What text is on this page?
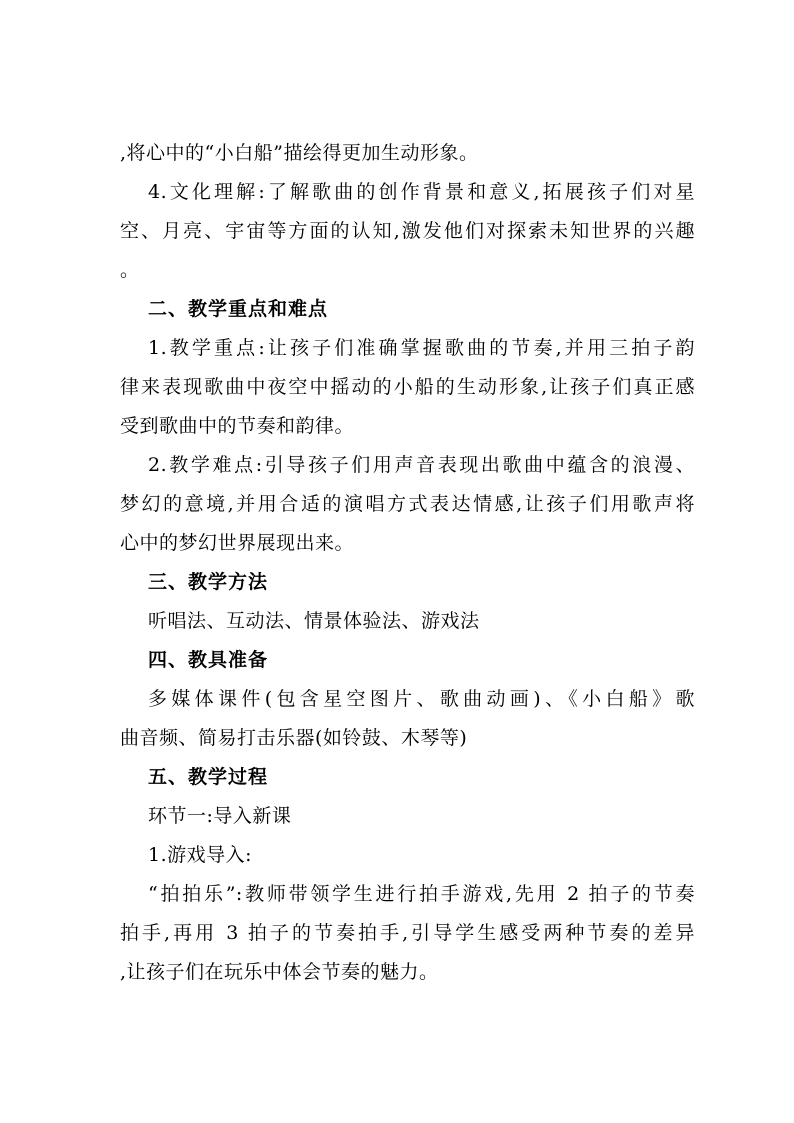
,将心中的“小白船”描绘得更加生动形象。
4.文化理解:了解歌曲的创作背景和意义,拓展孩子们对星
空、月亮、宇宙等方面的认知,激发他们对探索未知世界的兴趣
。
二、教学重点和难点
1.教学重点:让孩子们准确掌握歌曲的节奏,并用三拍子韵
律来表现歌曲中夜空中摇动的小船的生动形象,让孩子们真正感
受到歌曲中的节奏和韵律。
2.教学难点:引导孩子们用声音表现出歌曲中蕴含的浪漫、
梦幻的意境,并用合适的演唱方式表达情感,让孩子们用歌声将
心中的梦幻世界展现出来。
三、教学方法
听唱法、互动法、情景体验法、游戏法
四、教具准备
多媒体课件(包含星空图片、歌曲动画)、《小白船》歌
曲音频、简易打击乐器(如铃鼓、木琴等)
五、教学过程
环节一:导入新课
1.游戏导入:
“拍拍乐”:教师带领学生进行拍手游戏,先用 2 拍子的节奏
拍手,再用 3 拍子的节奏拍手,引导学生感受两种节奏的差异
,让孩子们在玩乐中体会节奏的魅力。
